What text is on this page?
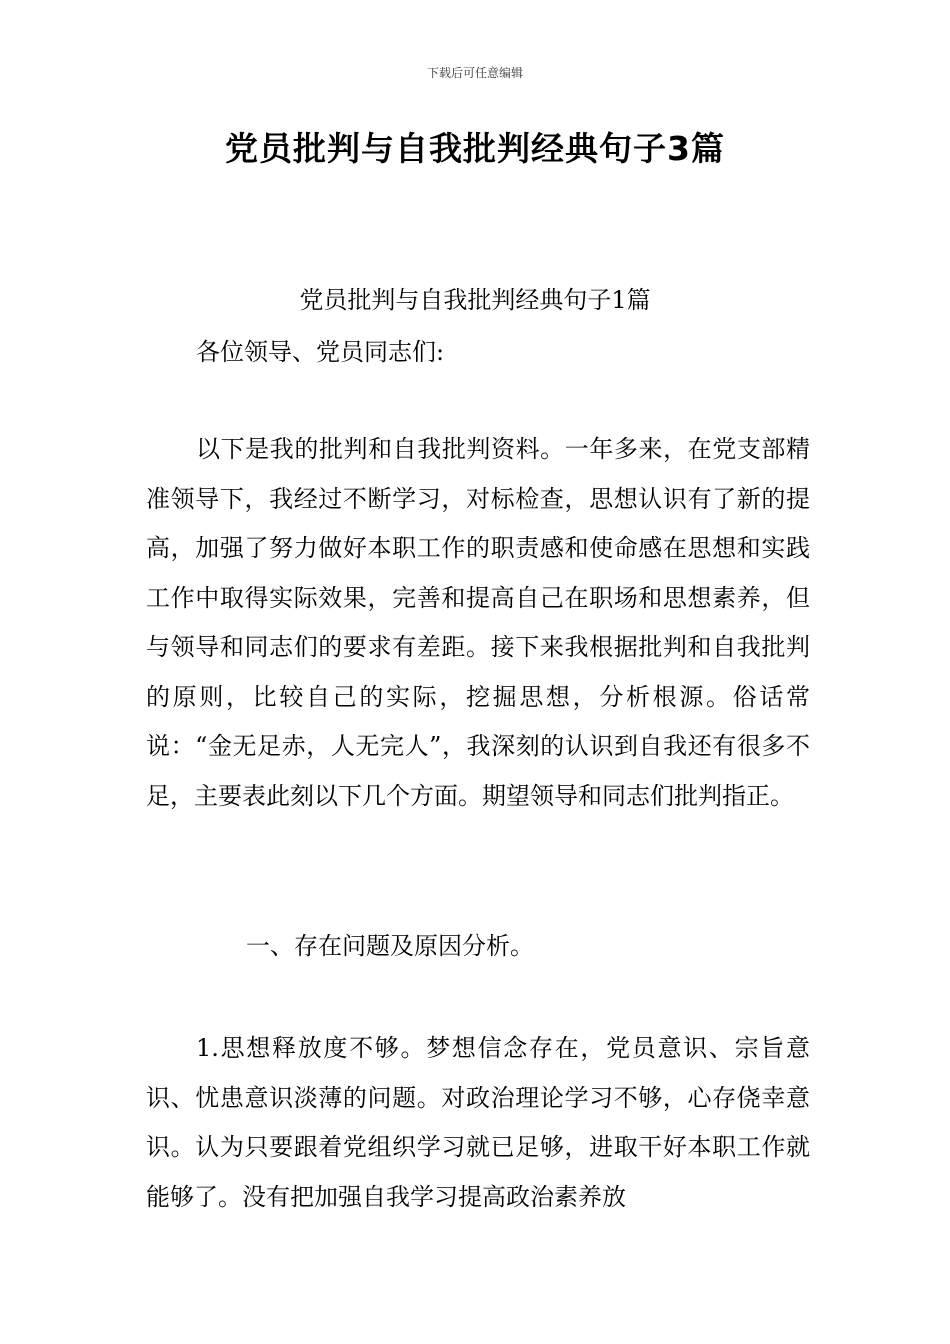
下载后可任意编辑
党员批判与自我批判经典句子3篇
党员批判与自我批判经典句子1篇

各位领导、党员同志们:

以下是我的批判和自我批判资料。一年多来，在党支部精准领导下，我经过不断学习，对标检查，思想认识有了新的提高，加强了努力做好本职工作的职责感和使命感在思想和实践工作中取得实际效果，完善和提高自己在职场和思想素养，但与领导和同志们的要求有差距。接下来我根据批判和自我批判的原则，比较自己的实际，挖掘思想，分析根源。俗话常说：“金无足赤，人无完人”，我深刻的认识到自我还有很多不足，主要表此刻以下几个方面。期望领导和同志们批判指正。

一、存在问题及原因分析。

1.思想释放度不够。梦想信念存在，党员意识、宗旨意识、忧患意识淡薄的问题。对政治理论学习不够，心存侥幸意识。认为只要跟着党组织学习就已足够，进取干好本职工作就能够了。没有把加强自我学习提高政治素养放
